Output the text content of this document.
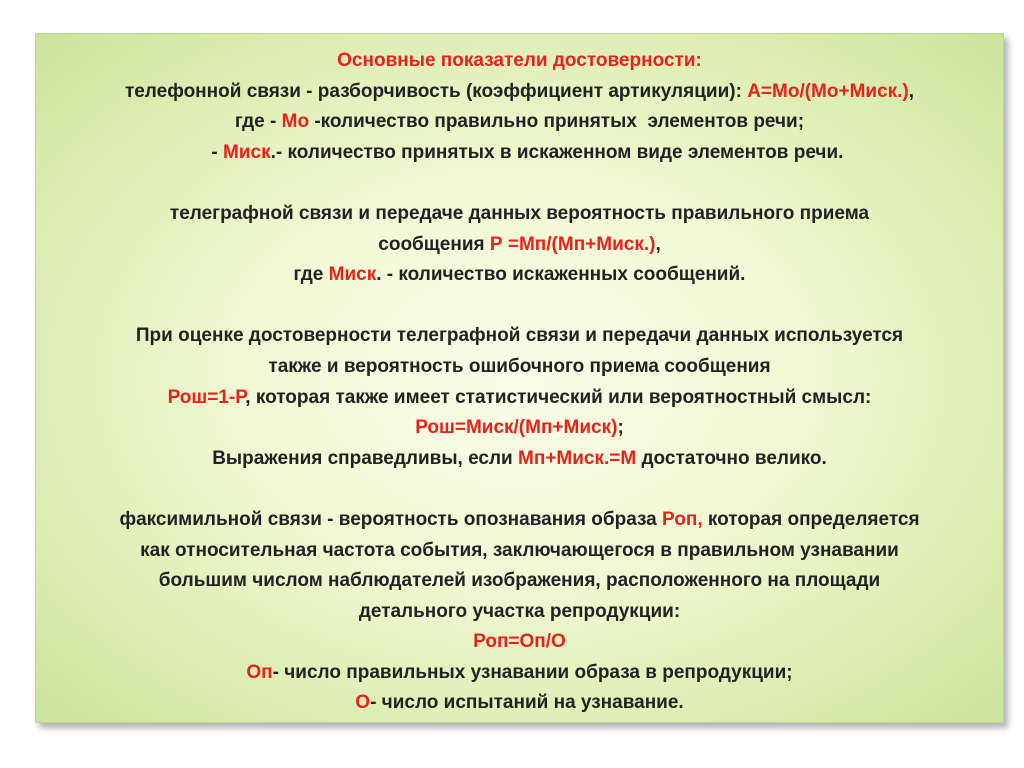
Основные показатели достоверности:
телефонной связи - разборчивость (коэффициент артикуляции): А=Мо/(Мо+Миск.),
где - Мо -количество правильно принятых  элементов речи;
- Миск.- количество принятых в искаженном виде элементов речи.
телеграфной связи и передаче данных вероятность правильного приема
сообщения Р =Мп/(Мп+Миск.),
где Миск. - количество искаженных сообщений.
При оценке достоверности телеграфной связи и передачи данных используется
также и вероятность ошибочного приема сообщения
Рош=1-Р, которая также имеет статистический или вероятностный смысл:
Рош=Миск/(Мп+Миск);
Выражения справедливы, если Мп+Миск.=М достаточно велико.
факсимильной связи - вероятность опознавания образа Роп, которая определяется
как относительная частота события, заключающегося в правильном узнавании
большим числом наблюдателей изображения, расположенного на площади
детального участка репродукции:
Роп=Оп/О
Оп- число правильных узнавании образа в репродукции;
О- число испытаний на узнавание.
